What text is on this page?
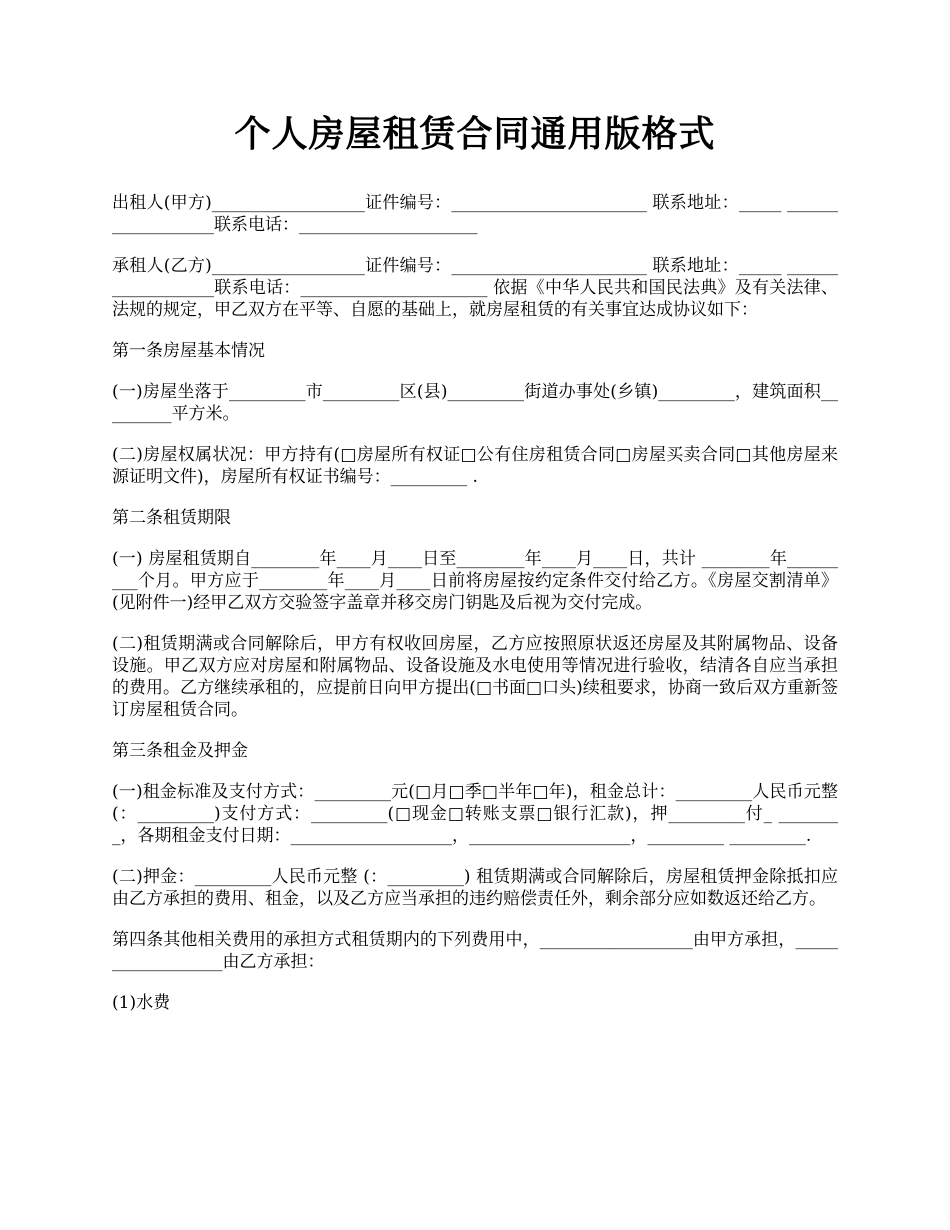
个人房屋租赁合同通用版格式

出租人(甲方)__________________证件编号：_______________________ 联系地址：_____ __________________联系电话：_____________________

承租人(乙方)__________________证件编号：_______________________ 联系地址：_____ __________________联系电话：______________________ 依据《中华人民共和国民法典》及有关法律、法规的规定，甲乙双方在平等、自愿的基础上，就房屋租赁的有关事宜达成协议如下：

第一条房屋基本情况

(一)房屋坐落于_________市_________区(县)_________街道办事处(乡镇)_________，建筑面积_________平方米。

(二)房屋权属状况：甲方持有(□房屋所有权证□公有住房租赁合同□房屋买卖合同□其他房屋来源证明文件)，房屋所有权证书编号：_________ .

第二条租赁期限

(一) 房屋租赁期自________年____月____日至________年____月____日，共计 ________年_________个月。甲方应于________年____月____日前将房屋按约定条件交付给乙方。《房屋交割清单》(见附件一)经甲乙双方交验签字盖章并移交房门钥匙及后视为交付完成。

(二)租赁期满或合同解除后，甲方有权收回房屋，乙方应按照原状返还房屋及其附属物品、设备设施。甲乙双方应对房屋和附属物品、设备设施及水电使用等情况进行验收，结清各自应当承担的费用。乙方继续承租的，应提前日向甲方提出(□书面□口头)续租要求，协商一致后双方重新签订房屋租赁合同。

第三条租金及押金

(一)租金标准及支付方式：_________元(□月□季□半年□年)，租金总计：_________人民币元整 (：_________)支付方式：_________(□现金□转账支票□银行汇款)，押_________付_ ________，各期租金支付日期：___________________，___________________，_________ _________.

(二)押金：_________人民币元整 (：_________) 租赁期满或合同解除后，房屋租赁押金除抵扣应由乙方承担的费用、租金，以及乙方应当承担的违约赔偿责任外，剩余部分应如数返还给乙方。

第四条其他相关费用的承担方式租赁期内的下列费用中，__________________由甲方承担，__________________由乙方承担：

(1)水费
